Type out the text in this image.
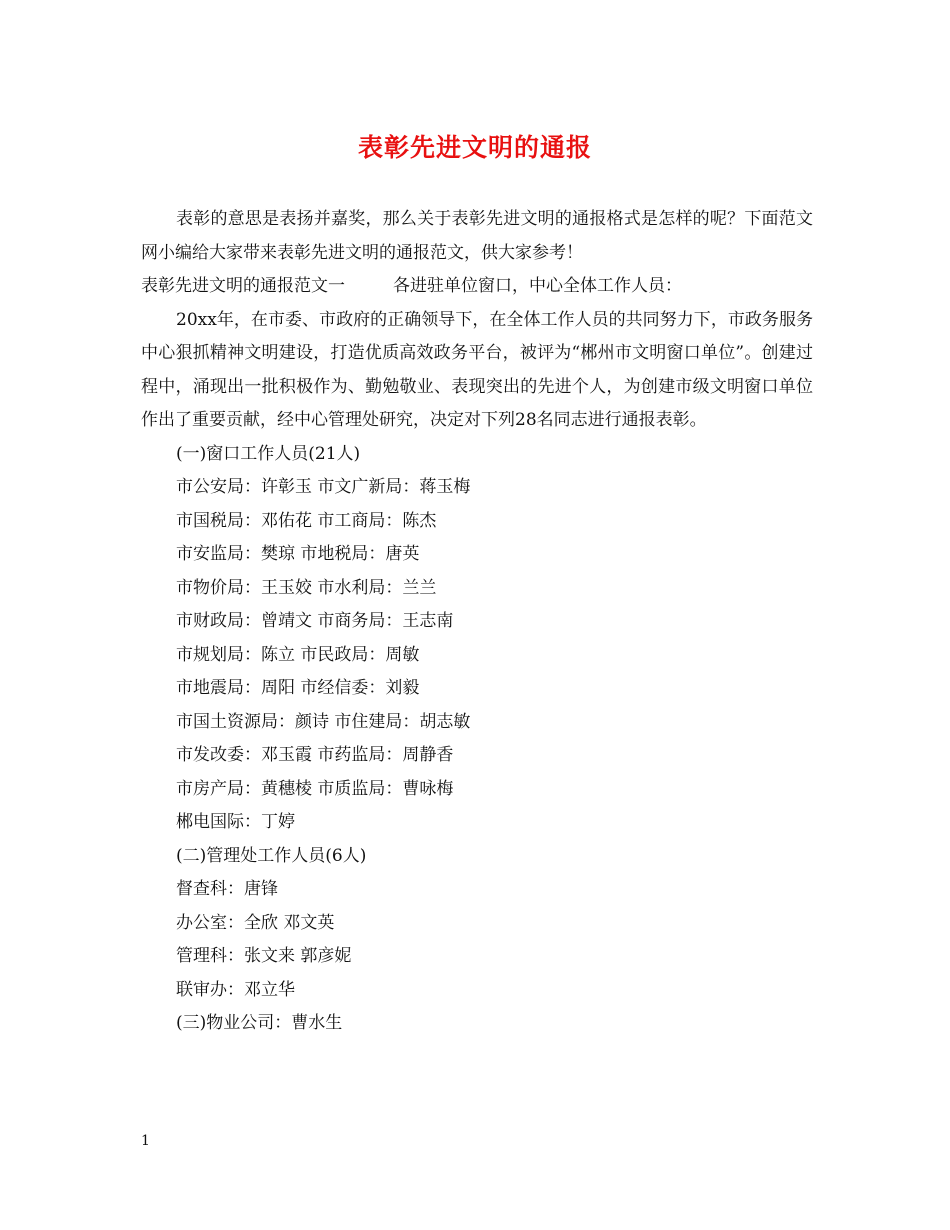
表彰先进文明的通报

表彰的意思是表扬并嘉奖，那么关于表彰先进文明的通报格式是怎样的呢？下面范文网小编给大家带来表彰先进文明的通报范文，供大家参考！

表彰先进文明的通报范文一	各进驻单位窗口，中心全体工作人员：

20xx年，在市委、市政府的正确领导下，在全体工作人员的共同努力下，市政务服务中心狠抓精神文明建设，打造优质高效政务平台，被评为“郴州市文明窗口单位”。创建过程中，涌现出一批积极作为、勤勉敬业、表现突出的先进个人，为创建市级文明窗口单位作出了重要贡献，经中心管理处研究，决定对下列28名同志进行通报表彰。

(一)窗口工作人员(21人)

市公安局：许彰玉 市文广新局：蒋玉梅

市国税局：邓佑花 市工商局：陈杰

市安监局：樊琼 市地税局：唐英

市物价局：王玉姣 市水利局：兰兰

市财政局：曾靖文 市商务局：王志南

市规划局：陈立 市民政局：周敏

市地震局：周阳 市经信委：刘毅

市国土资源局：颜诗 市住建局：胡志敏

市发改委：邓玉霞 市药监局：周静香

市房产局：黄穗棱 市质监局：曹咏梅

郴电国际：丁婷

(二)管理处工作人员(6人)

督查科：唐锋

办公室：全欣 邓文英

管理科：张文来 郭彦妮

联审办：邓立华

(三)物业公司：曹水生

1
